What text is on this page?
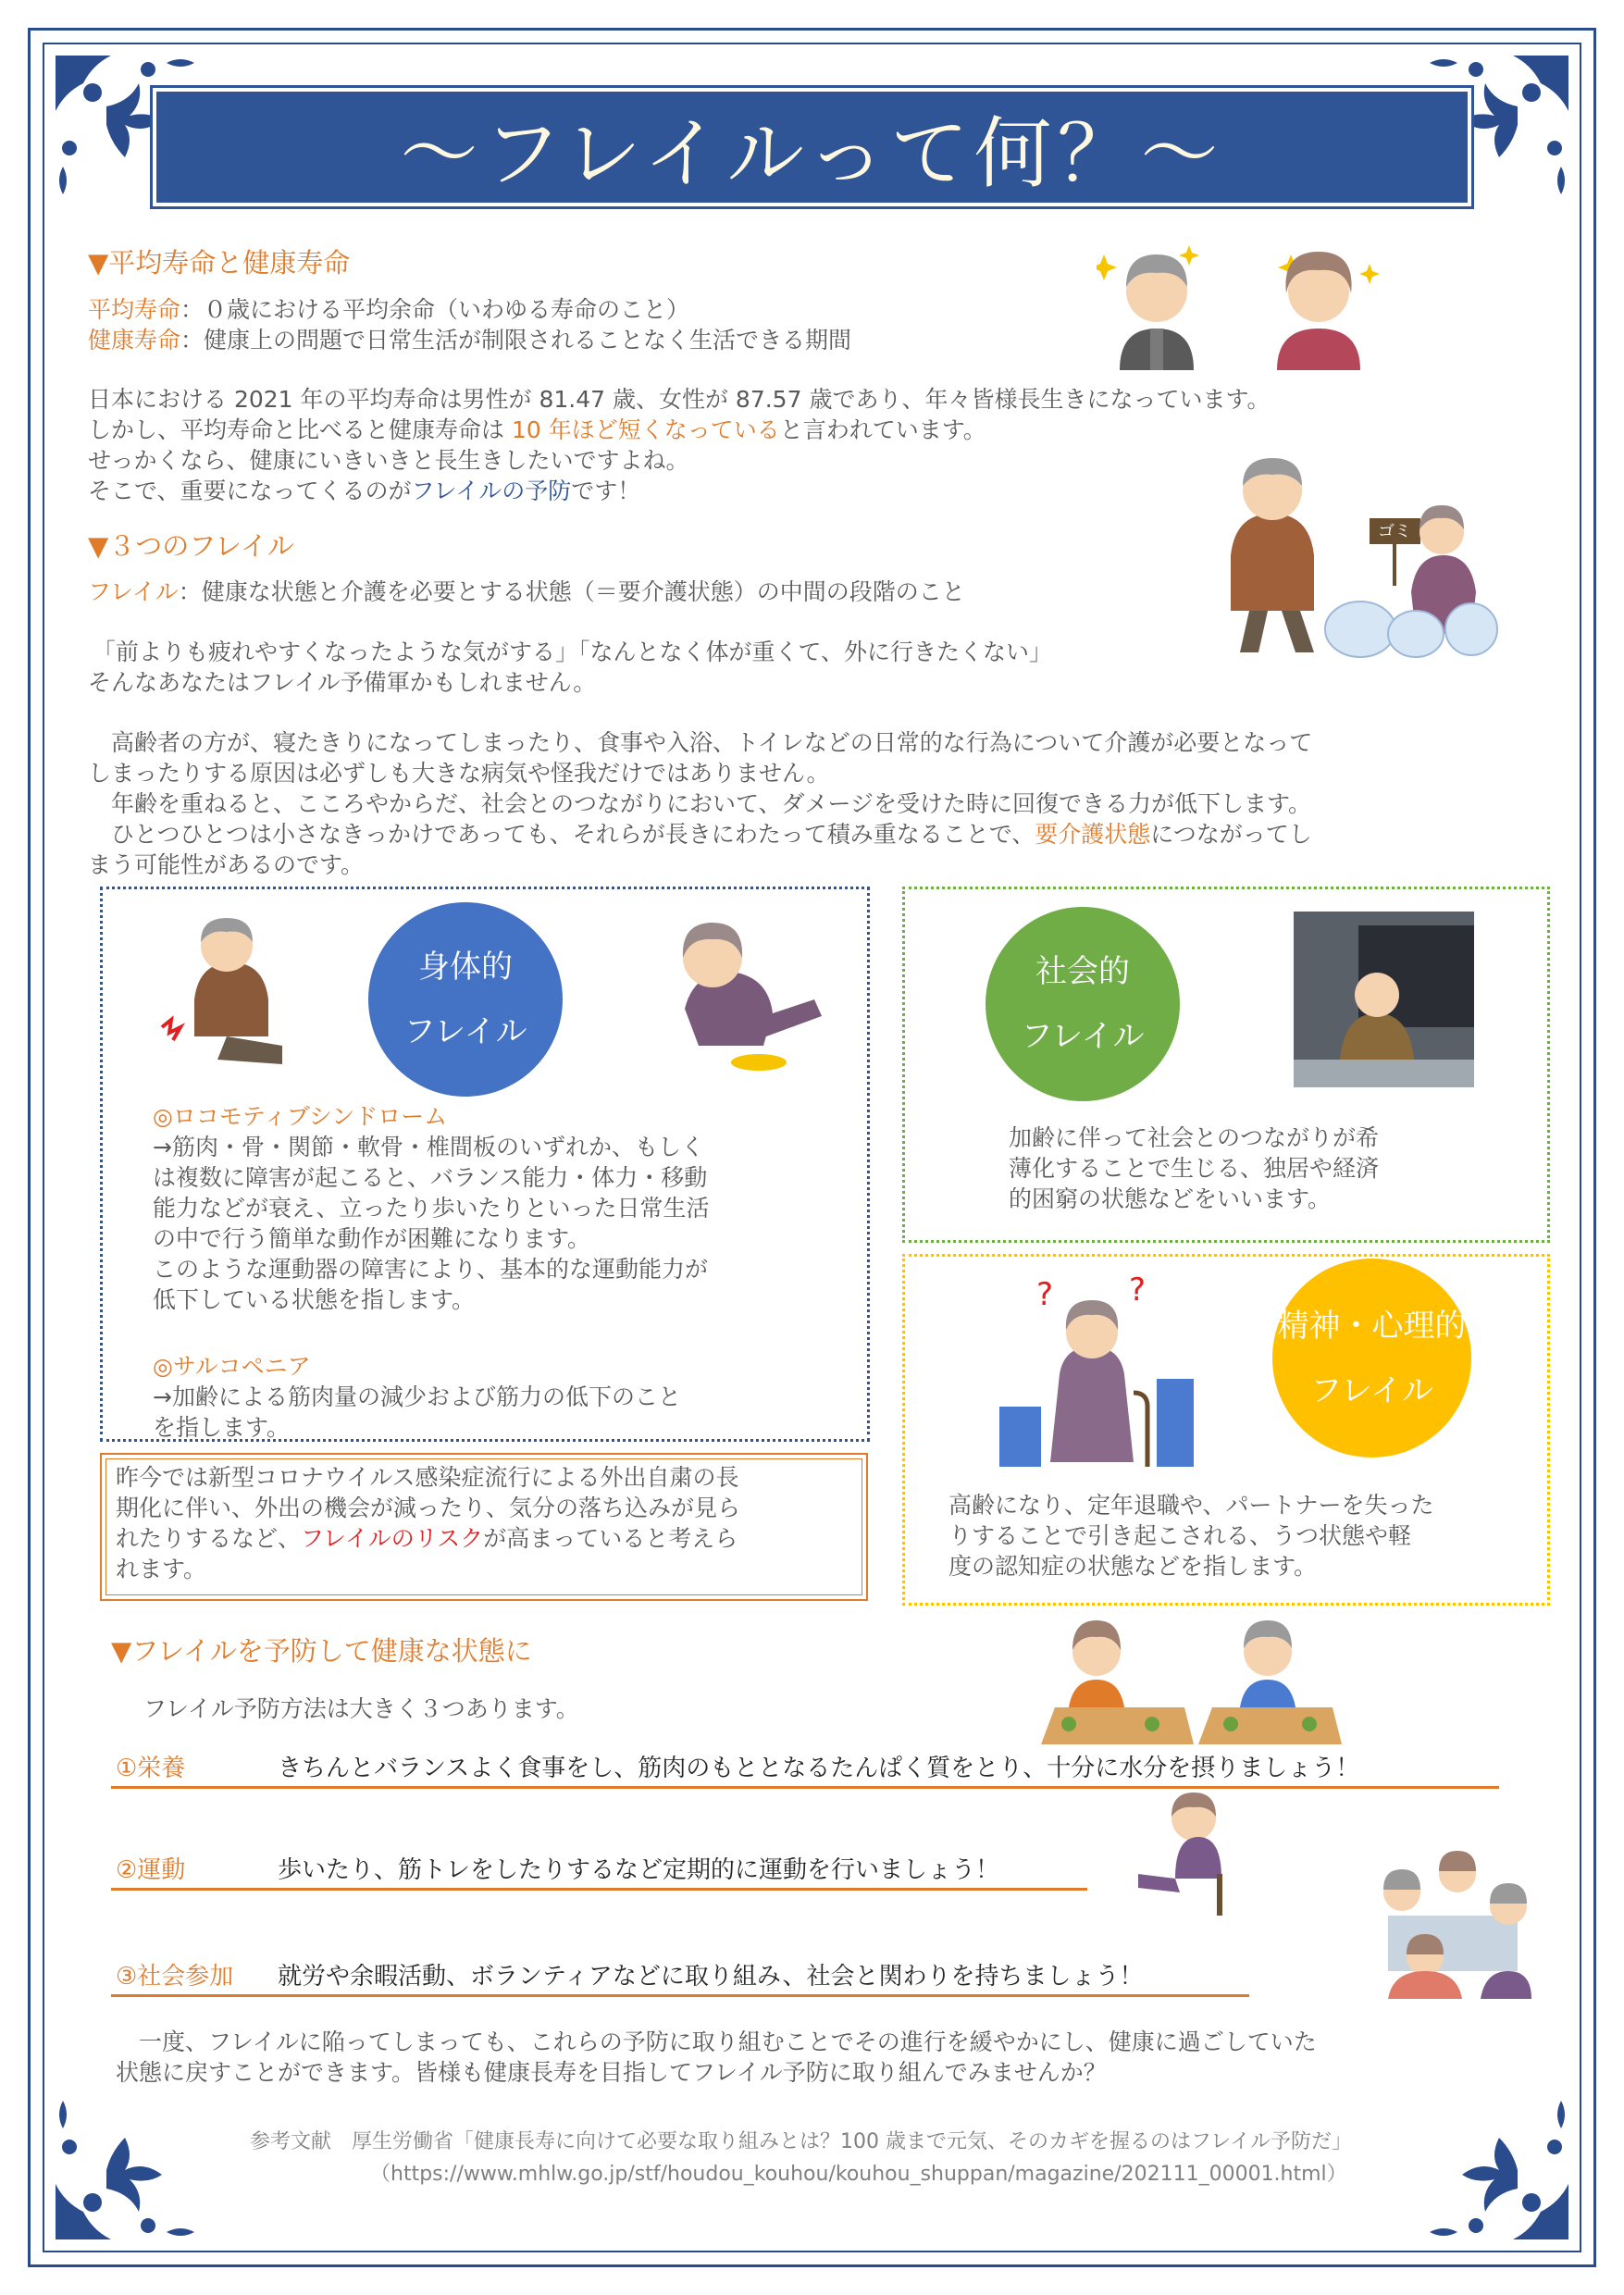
～フレイルって何？～
▼平均寿命と健康寿命
平均寿命：０歳における平均余命（いわゆる寿命のこと）
健康寿命：健康上の問題で日常生活が制限されることなく生活できる期間
日本における 2021 年の平均寿命は男性が 81.47 歳、女性が 87.57 歳であり、年々皆様長生きになっています。
しかし、平均寿命と比べると健康寿命は 10 年ほど短くなっていると言われています。
せっかくなら、健康にいきいきと長生きしたいですよね。
そこで、重要になってくるのがフレイルの予防です！
▼３つのフレイル
フレイル：健康な状態と介護を必要とする状態（＝要介護状態）の中間の段階のこと
「前よりも疲れやすくなったような気がする」「なんとなく体が重くて、外に行きたくない」
そんなあなたはフレイル予備軍かもしれません。
　高齢者の方が、寝たきりになってしまったり、食事や入浴、トイレなどの日常的な行為について介護が必要となって
しまったりする原因は必ずしも大きな病気や怪我だけではありません。
　年齢を重ねると、こころやからだ、社会とのつながりにおいて、ダメージを受けた時に回復できる力が低下します。
　ひとつひとつは小さなきっかけであっても、それらが長きにわたって積み重なることで、要介護状態につながってし
まう可能性があるのです。
ゴミ
身体的
フレイル
◎ロコモティブシンドローム
→筋肉・骨・関節・軟骨・椎間板のいずれか、もしく
は複数に障害が起こると、バランス能力・体力・移動
能力などが衰え、立ったり歩いたりといった日常生活
の中で行う簡単な動作が困難になります。
このような運動器の障害により、基本的な運動能力が
低下している状態を指します。
◎サルコペニア
→加齢による筋肉量の減少および筋力の低下のこと
を指します。
昨今では新型コロナウイルス感染症流行による外出自粛の長
期化に伴い、外出の機会が減ったり、気分の落ち込みが見ら
れたりするなど、フレイルのリスクが高まっていると考えら
れます。
社会的
フレイル
加齢に伴って社会とのつながりが希
薄化することで生じる、独居や経済
的困窮の状態などをいいます。
? ?
精神・心理的
フレイル
高齢になり、定年退職や、パートナーを失った
りすることで引き起こされる、うつ状態や軽
度の認知症の状態などを指します。
▼フレイルを予防して健康な状態に
フレイル予防方法は大きく３つあります。
①栄養	きちんとバランスよく食事をし、筋肉のもととなるたんぱく質をとり、十分に水分を摂りましょう！
②運動	歩いたり、筋トレをしたりするなど定期的に運動を行いましょう！
③社会参加 就労や余暇活動、ボランティアなどに取り組み、社会と関わりを持ちましょう！
　一度、フレイルに陥ってしまっても、これらの予防に取り組むことでその進行を緩やかにし、健康に過ごしていた
状態に戻すことができます。皆様も健康長寿を目指してフレイル予防に取り組んでみませんか？
参考文献　厚生労働省「健康長寿に向けて必要な取り組みとは？100 歳まで元気、そのカギを握るのはフレイル予防だ」
（https://www.mhlw.go.jp/stf/houdou_kouhou/kouhou_shuppan/magazine/202111_00001.html）
